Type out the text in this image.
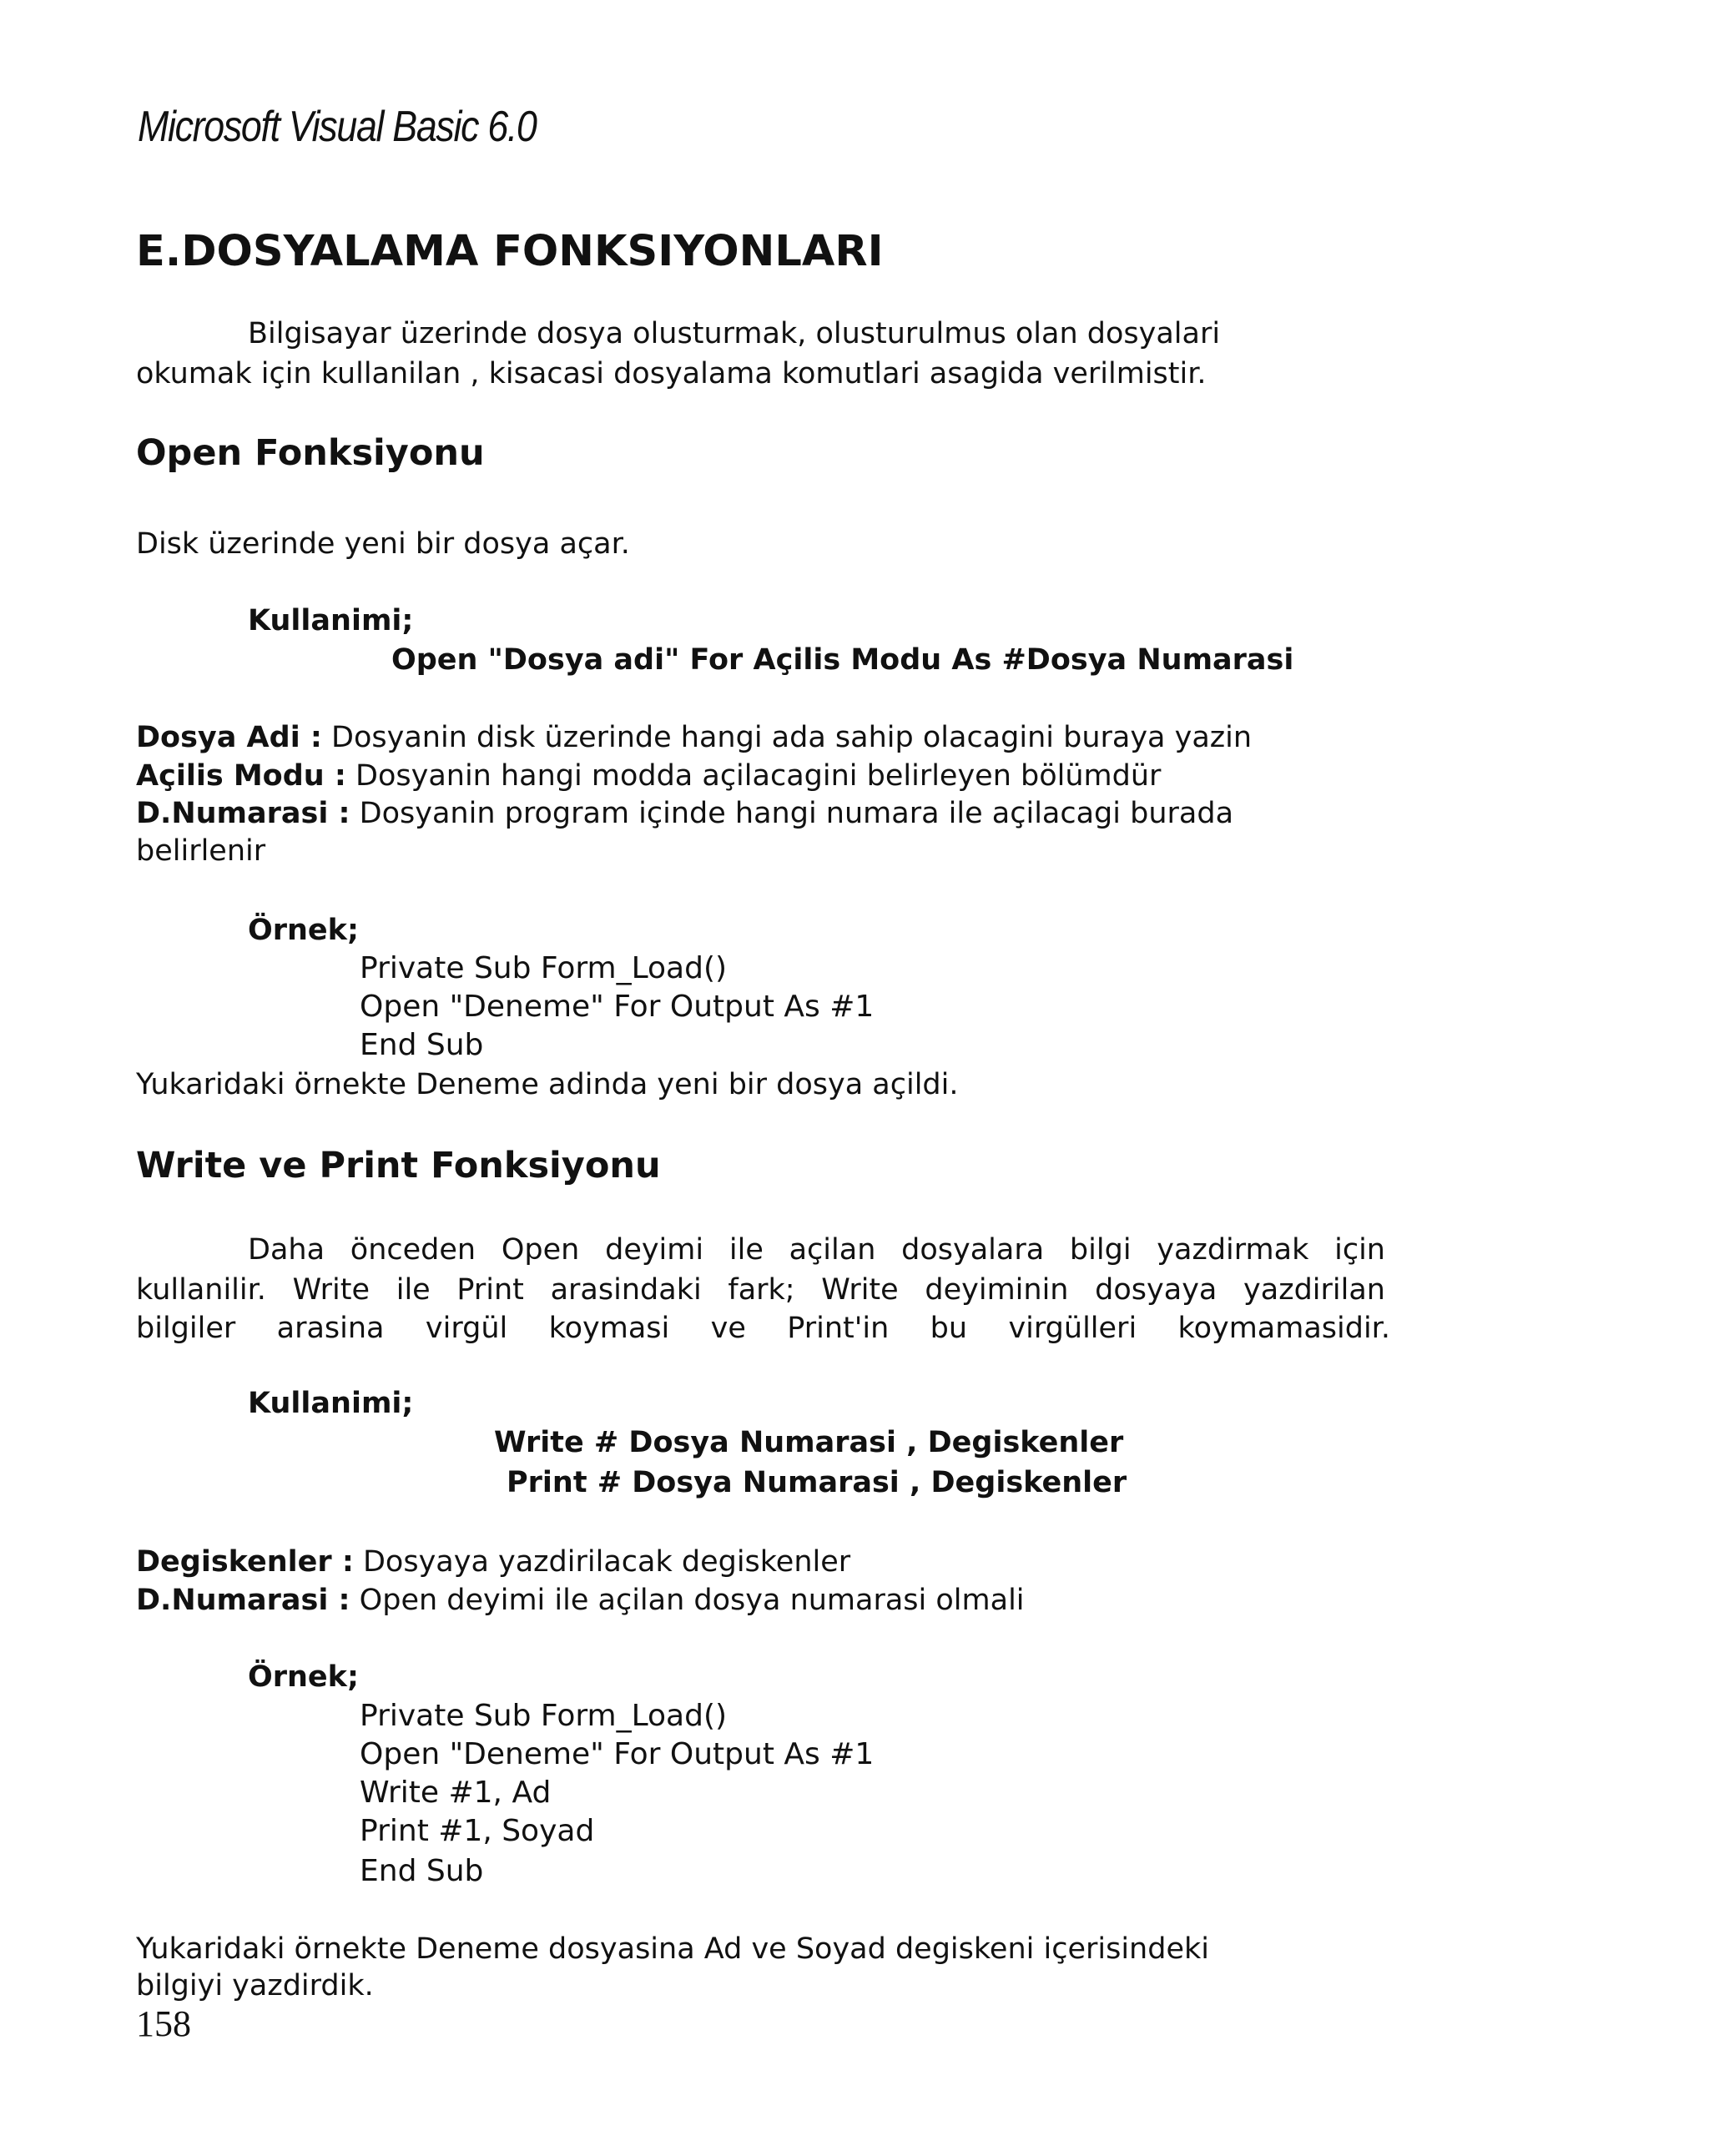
Microsoft Visual Basic 6.0
E.DOSYALAMA FONKSIYONLARI
Bilgisayar üzerinde dosya olusturmak, olusturulmus olan dosyalari
okumak için kullanilan , kisacasi dosyalama komutlari asagida verilmistir.
Open Fonksiyonu
Disk üzerinde yeni bir dosya açar.
Kullanimi;
Open "Dosya adi" For Açilis Modu As #Dosya Numarasi
Dosya Adi : Dosyanin disk üzerinde hangi ada sahip olacagini buraya yazin
Açilis Modu : Dosyanin hangi modda açilacagini belirleyen bölümdür
D.Numarasi : Dosyanin program içinde hangi numara ile açilacagi burada
belirlenir
Örnek;
Private Sub Form_Load()
Open "Deneme" For Output As #1
End Sub
Yukaridaki örnekte Deneme adinda yeni bir dosya açildi.
Write ve Print Fonksiyonu
Daha önceden Open deyimi ile açilan dosyalara bilgi yazdirmak için
kullanilir. Write ile Print arasindaki fark; Write deyiminin dosyaya yazdirilan
bilgiler arasina virgül koymasi ve Print'in bu virgülleri koymamasidir.
Kullanimi;
Write # Dosya Numarasi , Degiskenler
Print # Dosya Numarasi , Degiskenler
Degiskenler : Dosyaya yazdirilacak degiskenler
D.Numarasi : Open deyimi ile açilan dosya numarasi olmali
Örnek;
Private Sub Form_Load()
Open "Deneme" For Output As #1
Write #1, Ad
Print #1, Soyad
End Sub
Yukaridaki örnekte Deneme dosyasina Ad ve Soyad degiskeni içerisindeki
bilgiyi yazdirdik.
158
